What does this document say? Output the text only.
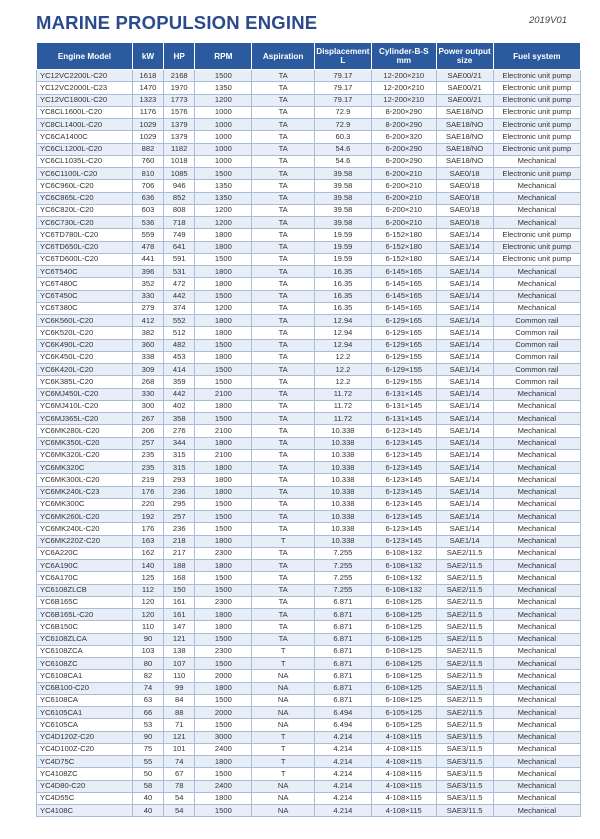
MARINE PROPULSION ENGINE	2019V01
Engine Model	kW	HP	RPM	Aspiration	Displacement L	Cylinder-B-S mm	Power output size	Fuel system
YC12VC2200L-C20	1618	2168	1500	TA	79.17	12-200×210	SAE00/21	Electronic unit pump
YC12VC2000L-C23	1470	1970	1350	TA	79.17	12-200×210	SAE00/21	Electronic unit pump
YC12VC1800L-C20	1323	1773	1200	TA	79.17	12-200×210	SAE00/21	Electronic unit pump
YC8CL1600L-C20	1176	1576	1000	TA	72.9	8-200×290	SAE18/NO	Electronic unit pump
YC8CL1400L-C20	1029	1379	1000	TA	72.9	8-200×290	SAE18/NO	Electronic unit pump
YC6CA1400C	1029	1379	1000	TA	60.3	6-200×320	SAE18/NO	Electronic unit pump
YC6CL1200L-C20	882	1182	1000	TA	54.6	6-200×290	SAE18/NO	Electronic unit pump
YC6CL1035L-C20	760	1018	1000	TA	54.6	6-200×290	SAE18/NO	Mechanical
YC6C1100L-C20	810	1085	1500	TA	39.58	6-200×210	SAE0/18	Electronic unit pump
YC6C960L-C20	706	946	1350	TA	39.58	6-200×210	SAE0/18	Mechanical
YC6C865L-C20	636	852	1350	TA	39.58	6-200×210	SAE0/18	Mechanical
YC6C820L-C20	603	808	1200	TA	39.58	6-200×210	SAE0/18	Mechanical
YC6C730L-C20	536	718	1200	TA	39.58	6-200×210	SAE0/18	Mechanical
YC6TD780L-C20	559	749	1800	TA	19.59	6-152×180	SAE1/14	Electronic unit pump
YC6TD650L-C20	478	641	1800	TA	19.59	6-152×180	SAE1/14	Electronic unit pump
YC6TD600L-C20	441	591	1500	TA	19.59	6-152×180	SAE1/14	Electronic unit pump
YC6T540C	396	531	1800	TA	16.35	6-145×165	SAE1/14	Mechanical
YC6T480C	352	472	1800	TA	16.35	6-145×165	SAE1/14	Mechanical
YC6T450C	330	442	1500	TA	16.35	6-145×165	SAE1/14	Mechanical
YC6T380C	279	374	1200	TA	16.35	6-145×165	SAE1/14	Mechanical
YC6K560L-C20	412	552	1800	TA	12.94	6-129×165	SAE1/14	Common rail
YC6K520L-C20	382	512	1800	TA	12.94	6-129×165	SAE1/14	Common rail
YC6K490L-C20	360	482	1500	TA	12.94	6-129×165	SAE1/14	Common rail
YC6K450L-C20	338	453	1800	TA	12.2	6-129×155	SAE1/14	Common rail
YC6K420L-C20	309	414	1500	TA	12.2	6-129×155	SAE1/14	Common rail
YC6K385L-C20	268	359	1500	TA	12.2	6-129×155	SAE1/14	Common rail
YC6MJ450L-C20	330	442	2100	TA	11.72	6-131×145	SAE1/14	Mechanical
YC6MJ410L-C20	300	402	1800	TA	11.72	6-131×145	SAE1/14	Mechanical
YC6MJ365L-C20	267	358	1500	TA	11.72	6-131×145	SAE1/14	Mechanical
YC6MK280L-C20	206	276	2100	TA	10.338	6-123×145	SAE1/14	Mechanical
YC6MK350L-C20	257	344	1800	TA	10.338	6-123×145	SAE1/14	Mechanical
YC6MK320L-C20	235	315	2100	TA	10.338	6-123×145	SAE1/14	Mechanical
YC6MK320C	235	315	1800	TA	10.338	6-123×145	SAE1/14	Mechanical
YC6MK300L-C20	219	293	1800	TA	10.338	6-123×145	SAE1/14	Mechanical
YC6MK240L-C23	176	236	1800	TA	10.338	6-123×145	SAE1/14	Mechanical
YC6MK300C	220	295	1500	TA	10.338	6-123×145	SAE1/14	Mechanical
YC6MK260L-C20	192	257	1500	TA	10.338	6-123×145	SAE1/14	Mechanical
YC6MK240L-C20	176	236	1500	TA	10.338	6-123×145	SAE1/14	Mechanical
YC6MK220Z-C20	163	218	1800	T	10.338	6-123×145	SAE1/14	Mechanical
YC6A220C	162	217	2300	TA	7.255	6-108×132	SAE2/11.5	Mechanical
YC6A190C	140	188	1800	TA	7.255	6-108×132	SAE2/11.5	Mechanical
YC6A170C	125	168	1500	TA	7.255	6-108×132	SAE2/11.5	Mechanical
YC6108ZLCB	112	150	1500	TA	7.255	6-108×132	SAE2/11.5	Mechanical
YC6B165C	120	161	2300	TA	6.871	6-108×125	SAE2/11.5	Mechanical
YC6B165L-C20	120	161	1800	TA	6.871	6-108×125	SAE2/11.5	Mechanical
YC6B150C	110	147	1800	TA	6.871	6-108×125	SAE2/11.5	Mechanical
YC6108ZLCA	90	121	1500	TA	6.871	6-108×125	SAE2/11.5	Mechanical
YC6108ZCA	103	138	2300	T	6.871	6-108×125	SAE2/11.5	Mechanical
YC6108ZC	80	107	1500	T	6.871	6-108×125	SAE2/11.5	Mechanical
YC6108CA1	82	110	2000	NA	6.871	6-108×125	SAE2/11.5	Mechanical
YC6B100-C20	74	99	1800	NA	6.871	6-108×125	SAE2/11.5	Mechanical
YC6108CA	63	84	1500	NA	6.871	6-108×125	SAE2/11.5	Mechanical
YC6105CA1	66	88	2000	NA	6.494	6-105×125	SAE2/11.5	Mechanical
YC6105CA	53	71	1500	NA	6.494	6-105×125	SAE2/11.5	Mechanical
YC4D120Z-C20	90	121	3000	T	4.214	4-108×115	SAE3/11.5	Mechanical
YC4D100Z-C20	75	101	2400	T	4.214	4-108×115	SAE3/11.5	Mechanical
YC4D75C	55	74	1800	T	4.214	4-108×115	SAE3/11.5	Mechanical
YC4108ZC	50	67	1500	T	4.214	4-108×115	SAE3/11.5	Mechanical
YC4D80-C20	58	78	2400	NA	4.214	4-108×115	SAE3/11.5	Mechanical
YC4D55C	40	54	1800	NA	4.214	4-108×115	SAE3/11.5	Mechanical
YC4108C	40	54	1500	NA	4.214	4-108×115	SAE3/11.5	Mechanical
